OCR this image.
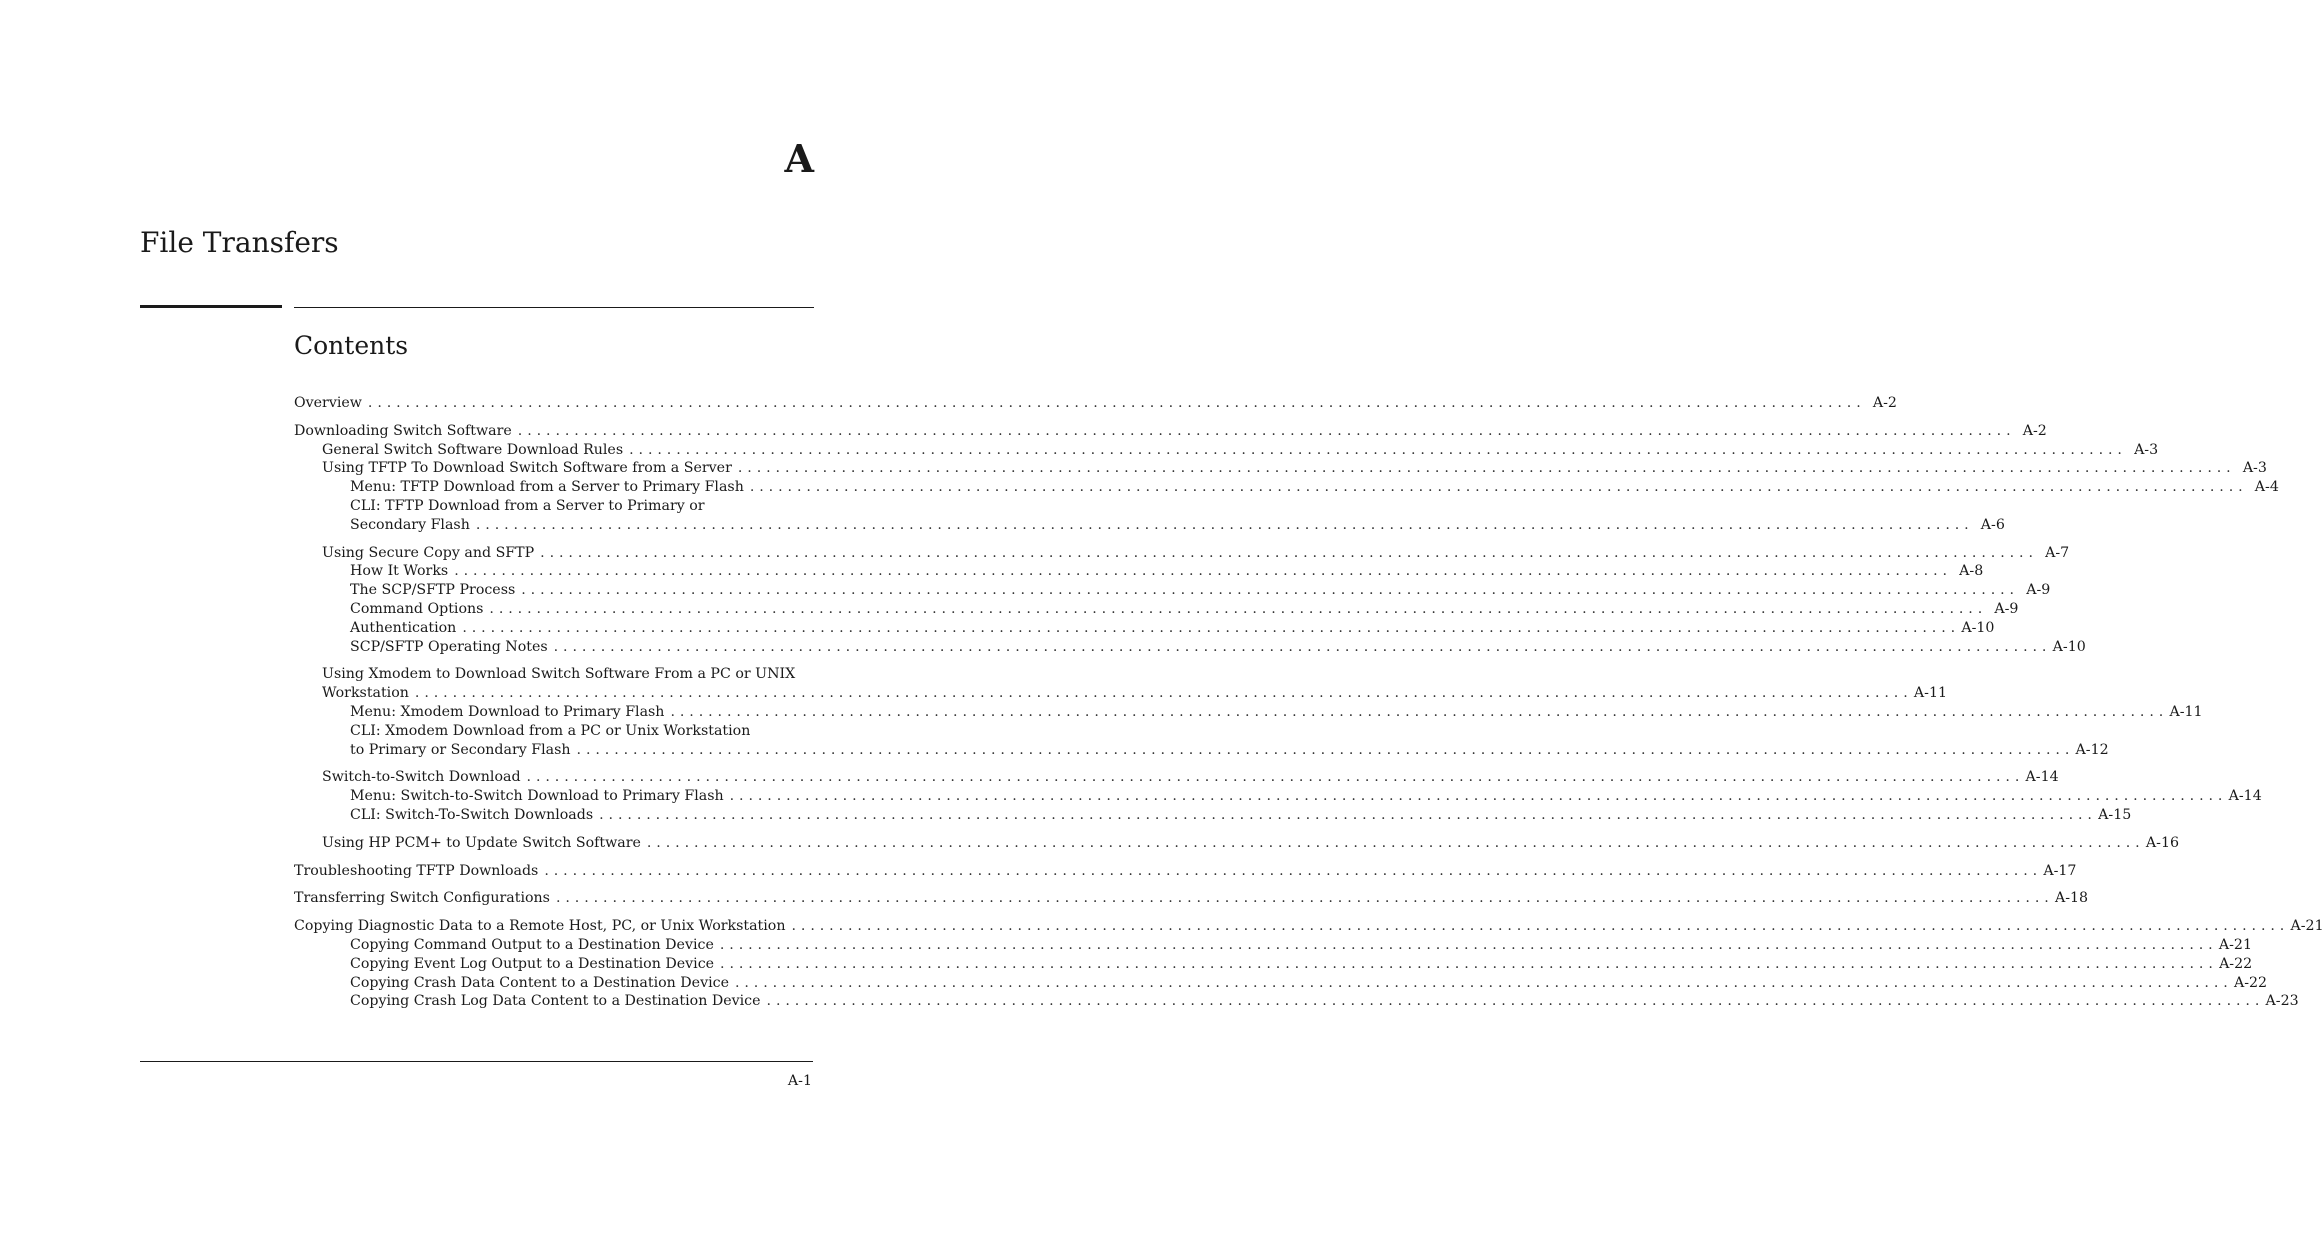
A
File Transfers
Contents
Overview . . .	A-2
Downloading Switch Software . . .	A-2
General Switch Software Download Rules . . .	A-3
Using TFTP To Download Switch Software from a Server . . .	A-3
Menu: TFTP Download from a Server to Primary Flash . . .	A-4
CLI: TFTP Download from a Server to Primary or
Secondary Flash . . .	A-6
Using Secure Copy and SFTP . . .	A-7
How It Works . . .	A-8
The SCP/SFTP Process . . .	A-9
Command Options . . .	A-9
Authentication . . .	A-10
SCP/SFTP Operating Notes . . .	A-10
Using Xmodem to Download Switch Software From a PC or UNIX
Workstation . . .	A-11
Menu: Xmodem Download to Primary Flash . . .	A-11
CLI: Xmodem Download from a PC or Unix Workstation
to Primary or Secondary Flash . . .	A-12
Switch-to-Switch Download . . .	A-14
Menu: Switch-to-Switch Download to Primary Flash . . .	A-14
CLI: Switch-To-Switch Downloads . . .	A-15
Using HP PCM+ to Update Switch Software . . .	A-16
Troubleshooting TFTP Downloads . . .	A-17
Transferring Switch Configurations . . .	A-18
Copying Diagnostic Data to a Remote Host, PC, or Unix Workstation . . .	A-21
Copying Command Output to a Destination Device . . .	A-21
Copying Event Log Output to a Destination Device . . .	A-22
Copying Crash Data Content to a Destination Device . . .	A-22
Copying Crash Log Data Content to a Destination Device . . .	A-23
A-1
